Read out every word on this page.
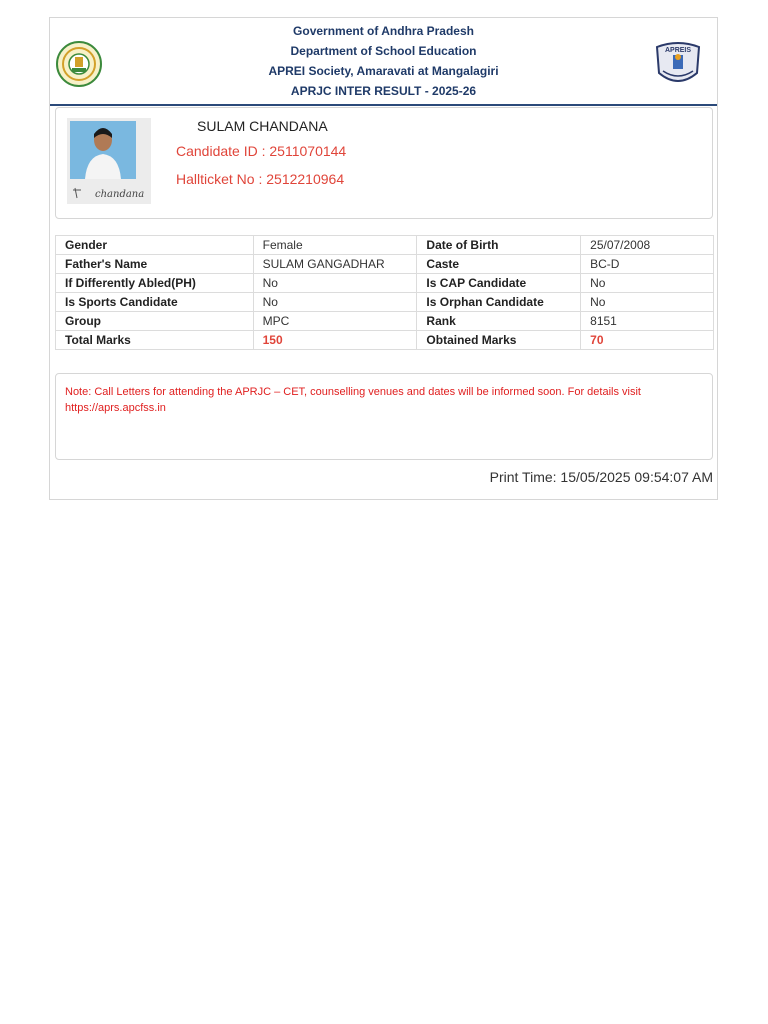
Government of Andhra Pradesh
Department of School Education
APREI Society, Amaravati at Mangalagiri
APRJC INTER RESULT - 2025-26
APREIS
chandana
SULAM CHANDANA
Candidate ID : 2511070144
Hallticket No : 2512210964
Gender	Female	Date of Birth	25/07/2008
Father's Name	SULAM GANGADHAR	Caste	BC-D
If Differently Abled(PH)	No	Is CAP Candidate	No
Is Sports Candidate	No	Is Orphan Candidate	No
Group	MPC	Rank	8151
Total Marks	150	Obtained Marks	70
Note: Call Letters for attending the APRJC – CET, counselling venues and dates will be informed soon. For details visit https://aprs.apcfss.in
Print Time: 15/05/2025 09:54:07 AM
